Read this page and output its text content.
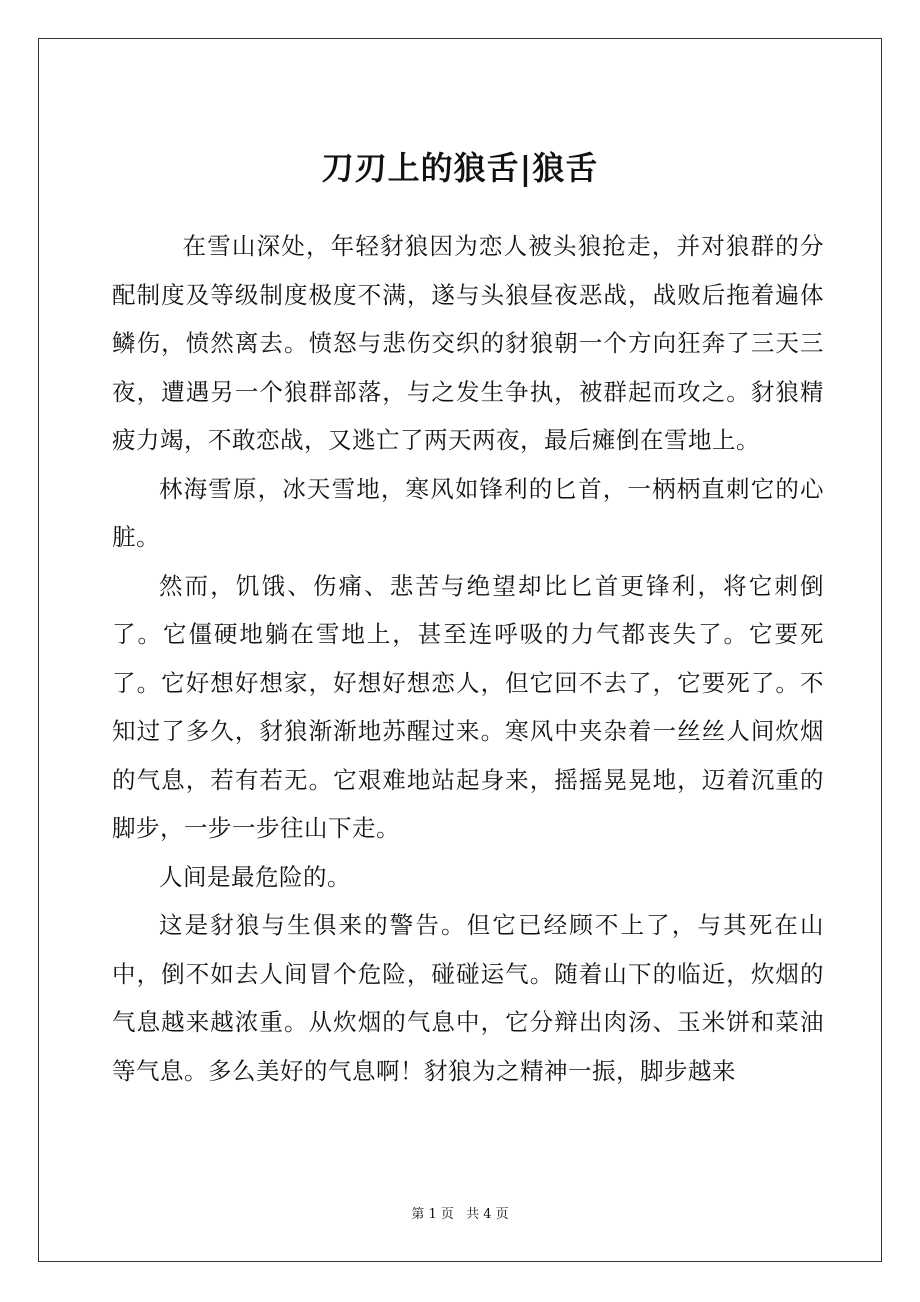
刀刃上的狼舌|狼舌

在雪山深处，年轻豺狼因为恋人被头狼抢走，并对狼群的分配制度及等级制度极度不满，遂与头狼昼夜恶战，战败后拖着遍体鳞伤，愤然离去。愤怒与悲伤交织的豺狼朝一个方向狂奔了三天三夜，遭遇另一个狼群部落，与之发生争执，被群起而攻之。豺狼精疲力竭，不敢恋战，又逃亡了两天两夜，最后瘫倒在雪地上。

林海雪原，冰天雪地，寒风如锋利的匕首，一柄柄直刺它的心脏。

然而，饥饿、伤痛、悲苦与绝望却比匕首更锋利，将它刺倒了。它僵硬地躺在雪地上，甚至连呼吸的力气都丧失了。它要死了。它好想好想家，好想好想恋人，但它回不去了，它要死了。不知过了多久，豺狼渐渐地苏醒过来。寒风中夹杂着一丝丝人间炊烟的气息，若有若无。它艰难地站起身来，摇摇晃晃地，迈着沉重的脚步，一步一步往山下走。

人间是最危险的。

这是豺狼与生俱来的警告。但它已经顾不上了，与其死在山中，倒不如去人间冒个危险，碰碰运气。随着山下的临近，炊烟的气息越来越浓重。从炊烟的气息中，它分辩出肉汤、玉米饼和菜油等气息。多么美好的气息啊！豺狼为之精神一振，脚步越来

第 1 页 共 4 页
